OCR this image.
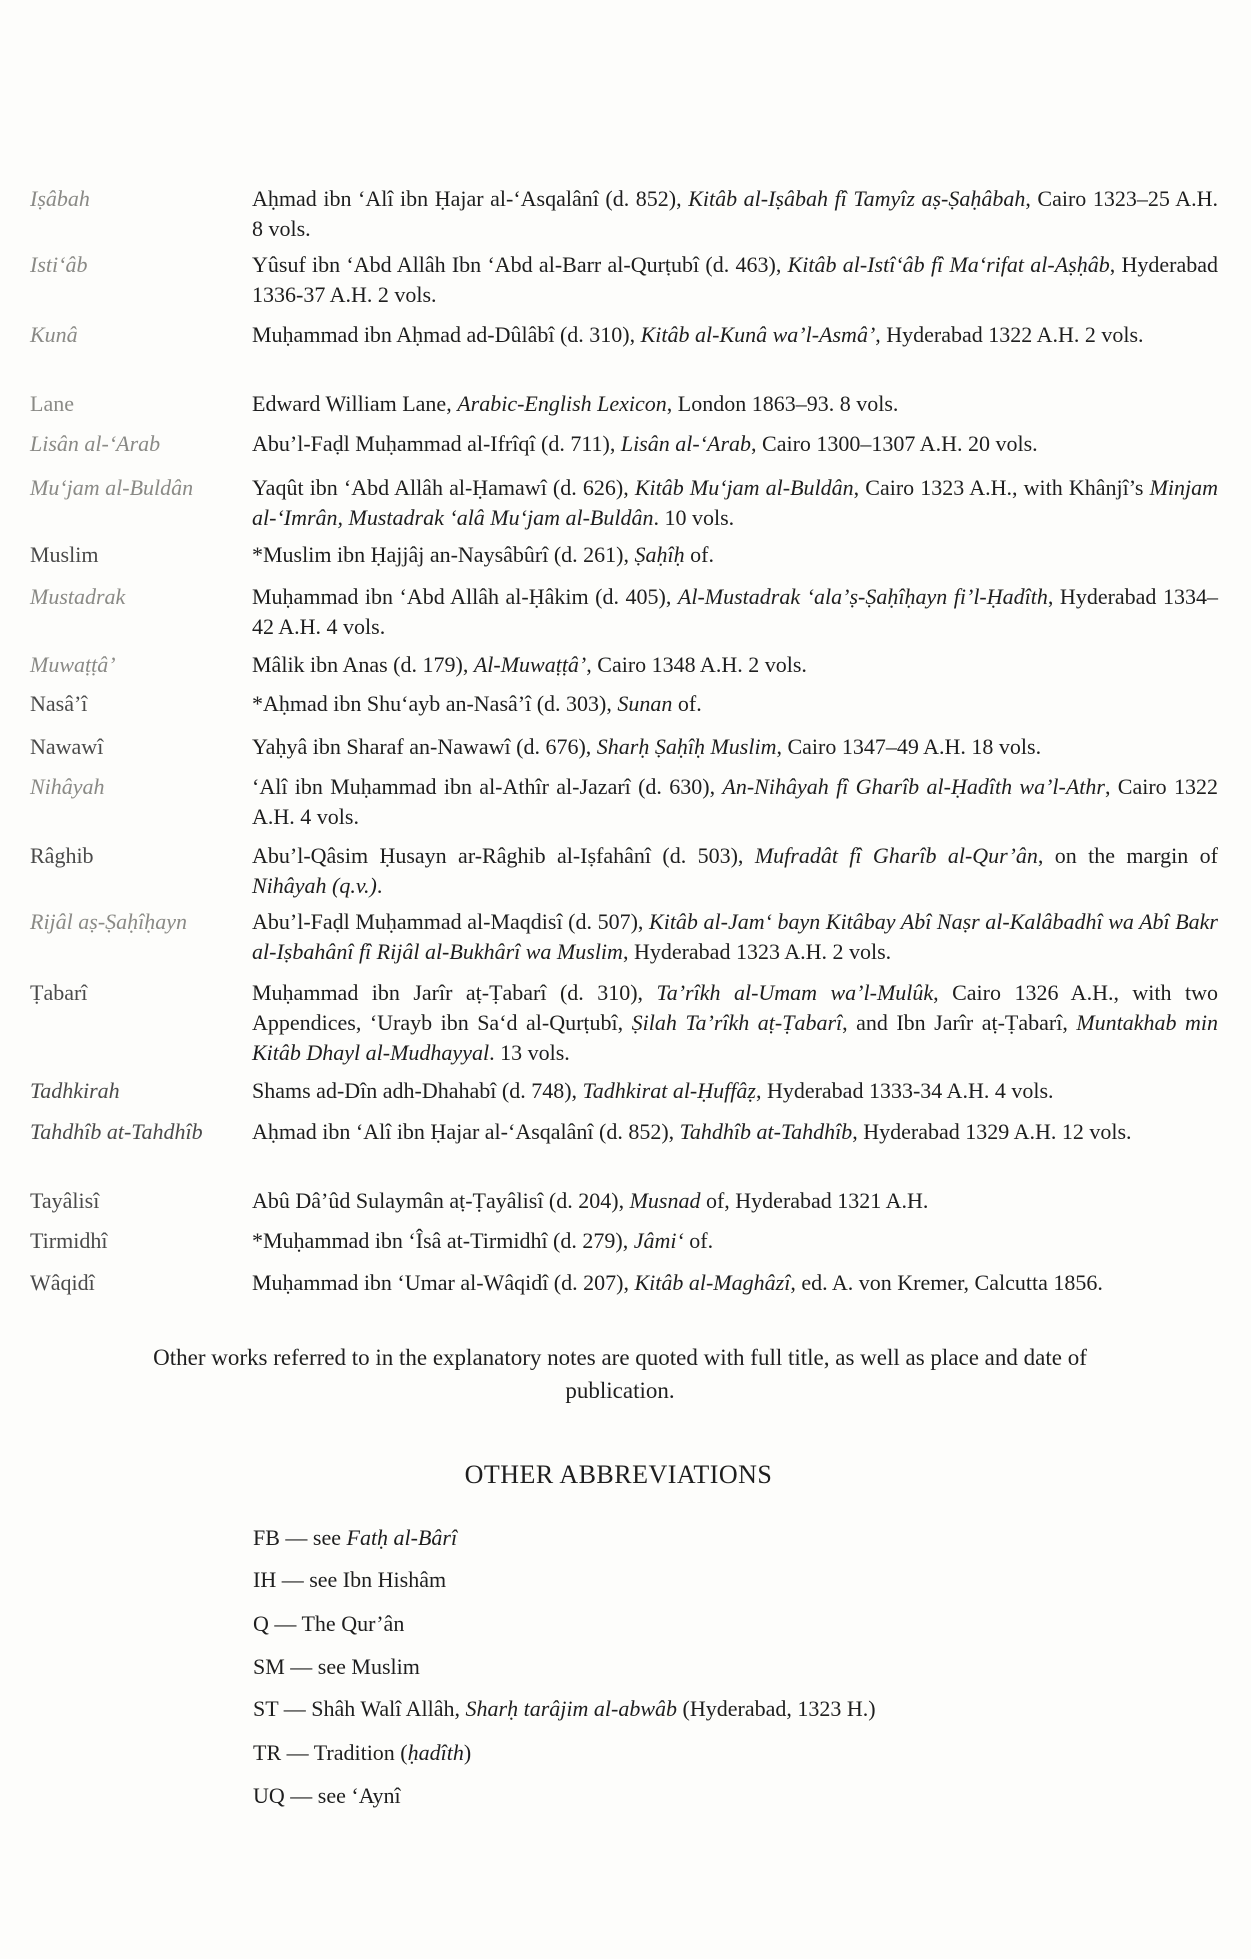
Iṣâbah	Aḥmad ibn ‘Alî ibn Ḥajar al-‘Asqalânî (d. 852), Kitâb al-Iṣâbah fî Tamyîz aṣ-Ṣaḥâbah, Cairo 1323–25 A.H. 8 vols.
Isti‘âb	Yûsuf ibn ‘Abd Allâh Ibn ‘Abd al-Barr al-Qurṭubî (d. 463), Kitâb al-Istî‘âb fî Ma‘rifat al-Aṣḥâb, Hyderabad 1336-37 A.H. 2 vols.
Kunâ	Muḥammad ibn Aḥmad ad-Dûlâbî (d. 310), Kitâb al-Kunâ wa’l-Asmâ’, Hyderabad 1322 A.H. 2 vols.
Lane	Edward William Lane, Arabic-English Lexicon, London 1863–93. 8 vols.
Lisân al-‘Arab	Abu’l-Faḍl Muḥammad al-Ifrîqî (d. 711), Lisân al-‘Arab, Cairo 1300–1307 A.H. 20 vols.
Mu‘jam al-Buldân	Yaqût ibn ‘Abd Allâh al-Ḥamawî (d. 626), Kitâb Mu‘jam al-Buldân, Cairo 1323 A.H., with Khânjî’s Minjam al-‘Imrân, Mustadrak ‘alâ Mu‘jam al-Buldân. 10 vols.
Muslim	*Muslim ibn Ḥajjâj an-Naysâbûrî (d. 261), Ṣaḥîḥ of.
Mustadrak	Muḥammad ibn ‘Abd Allâh al-Ḥâkim (d. 405), Al-Mustadrak ‘ala’ṣ-Ṣaḥîḥayn fi’l-Ḥadîth, Hyderabad 1334–42 A.H. 4 vols.
Muwaṭṭâ’	Mâlik ibn Anas (d. 179), Al-Muwaṭṭâ’, Cairo 1348 A.H. 2 vols.
Nasâ’î	*Aḥmad ibn Shu‘ayb an-Nasâ’î (d. 303), Sunan of.
Nawawî	Yaḥyâ ibn Sharaf an-Nawawî (d. 676), Sharḥ Ṣaḥîḥ Muslim, Cairo 1347–49 A.H. 18 vols.
Nihâyah	‘Alî ibn Muḥammad ibn al-Athîr al-Jazarî (d. 630), An-Nihâyah fî Gharîb al-Ḥadîth wa’l-Athr, Cairo 1322 A.H. 4 vols.
Râghib	Abu’l-Qâsim Ḥusayn ar-Râghib al-Iṣfahânî (d. 503), Mufradât fî Gharîb al-Qur’ân, on the margin of Nihâyah (q.v.).
Rijâl aṣ-Ṣaḥîḥayn	Abu’l-Faḍl Muḥammad al-Maqdisî (d. 507), Kitâb al-Jam‘ bayn Kitâbay Abî Naṣr al-Kalâbadhî wa Abî Bakr al-Iṣbahânî fî Rijâl al-Bukhârî wa Muslim, Hyderabad 1323 A.H. 2 vols.
Ṭabarî	Muḥammad ibn Jarîr aṭ-Ṭabarî (d. 310), Ta’rîkh al-Umam wa’l-Mulûk, Cairo 1326 A.H., with two Appendices, ‘Urayb ibn Sa‘d al-Qurṭubî, Ṣilah Ta’rîkh aṭ-Ṭabarî, and Ibn Jarîr aṭ-Ṭabarî, Muntakhab min Kitâb Dhayl al-Mudhayyal. 13 vols.
Tadhkirah	Shams ad-Dîn adh-Dhahabî (d. 748), Tadhkirat al-Ḥuffâẓ, Hyderabad 1333-34 A.H. 4 vols.
Tahdhîb at-Tahdhîb	Aḥmad ibn ‘Alî ibn Ḥajar al-‘Asqalânî (d. 852), Tahdhîb at-Tahdhîb, Hyderabad 1329 A.H. 12 vols.
Tayâlisî	Abû Dâ’ûd Sulaymân aṭ-Ṭayâlisî (d. 204), Musnad of, Hyderabad 1321 A.H.
Tirmidhî	*Muḥammad ibn ‘Îsâ at-Tirmidhî (d. 279), Jâmi‘ of.
Wâqidî	Muḥammad ibn ‘Umar al-Wâqidî (d. 207), Kitâb al-Maghâzî, ed. A. von Kremer, Calcutta 1856.

Other works referred to in the explanatory notes are quoted with full title, as well as place and date of publication.

OTHER ABBREVIATIONS
FB — see Fatḥ al-Bârî
IH — see Ibn Hishâm
Q — The Qur’ân
SM — see Muslim
ST — Shâh Walî Allâh, Sharḥ tarâjim al-abwâb (Hyderabad, 1323 H.)
TR — Tradition (ḥadîth)
UQ — see ‘Aynî
